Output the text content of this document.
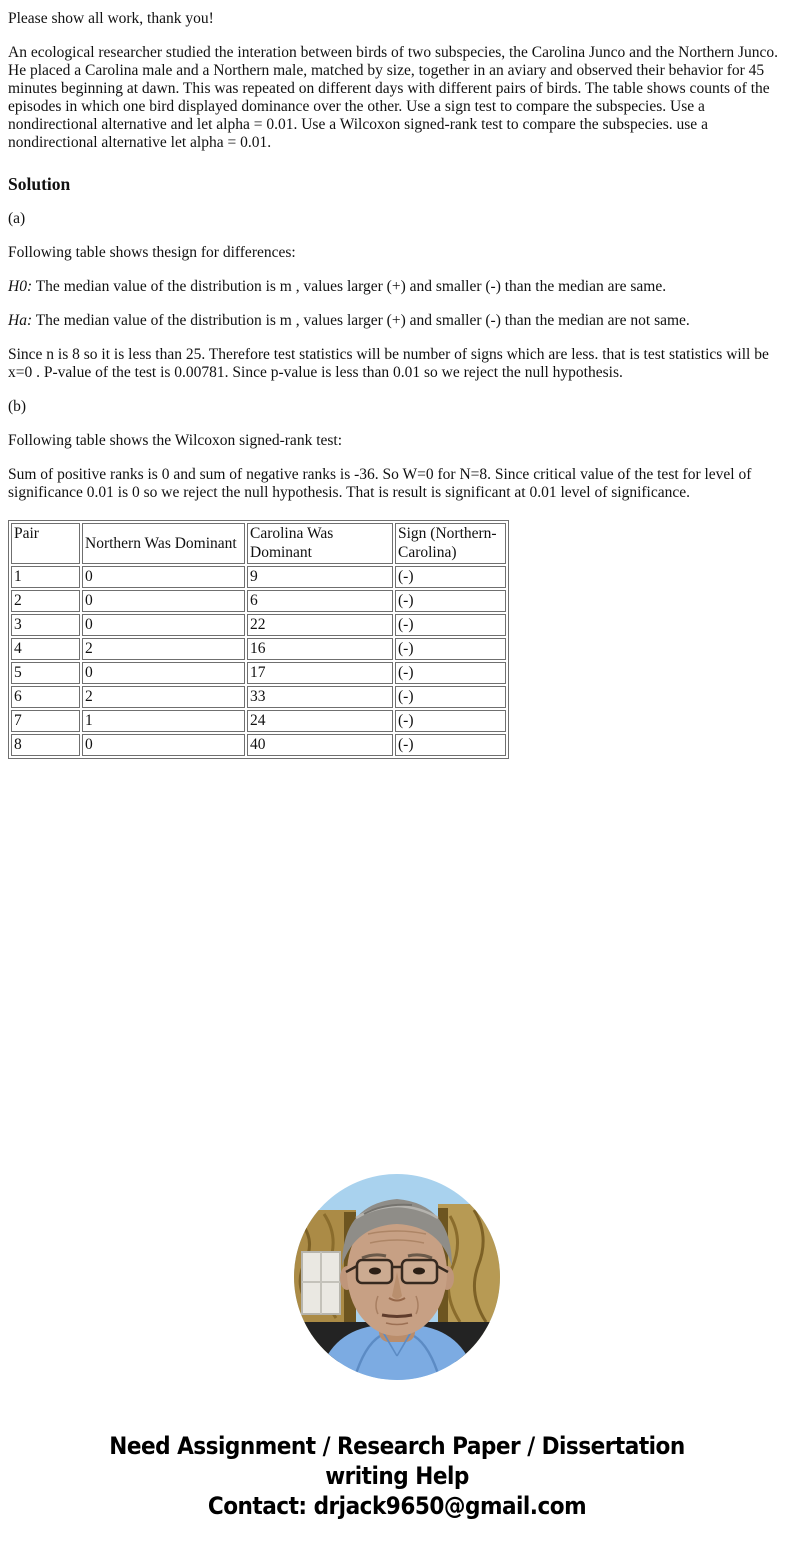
Please show all work, thank you!

An ecological researcher studied the interation between birds of two subspecies, the Carolina Junco and the Northern Junco. He placed a Carolina male and a Northern male, matched by size, together in an aviary and observed their behavior for 45 minutes beginning at dawn. This was repeated on different days with different pairs of birds. The table shows counts of the episodes in which one bird displayed dominance over the other. Use a sign test to compare the subspecies. Use a nondirectional alternative and let alpha = 0.01. Use a Wilcoxon signed-rank test to compare the subspecies. use a nondirectional alternative let alpha = 0.01.

Solution

(a)

Following table shows thesign for differences:

H0: The median value of the distribution is m , values larger (+) and smaller (-) than the median are same.

Ha: The median value of the distribution is m , values larger (+) and smaller (-) than the median are not same.

Since n is 8 so it is less than 25. Therefore test statistics will be number of signs which are less. that is test statistics will be x=0 . P-value of the test is 0.00781. Since p-value is less than 0.01 so we reject the null hypothesis.

(b)

Following table shows the Wilcoxon signed-rank test:

Sum of positive ranks is 0 and sum of negative ranks is -36. So W=0 for N=8. Since critical value of the test for level of significance 0.01 is 0 so we reject the null hypothesis. That is result is significant at 0.01 level of significance.

Pair	Northern Was Dominant	Carolina Was Dominant	Sign (Northern-Carolina)
1	0	9	(-)
2	0	6	(-)
3	0	22	(-)
4	2	16	(-)
5	0	17	(-)
6	2	33	(-)
7	1	24	(-)
8	0	40	(-)
Need Assignment / Research Paper / Dissertation
writing Help
Contact: drjack9650@gmail.com
